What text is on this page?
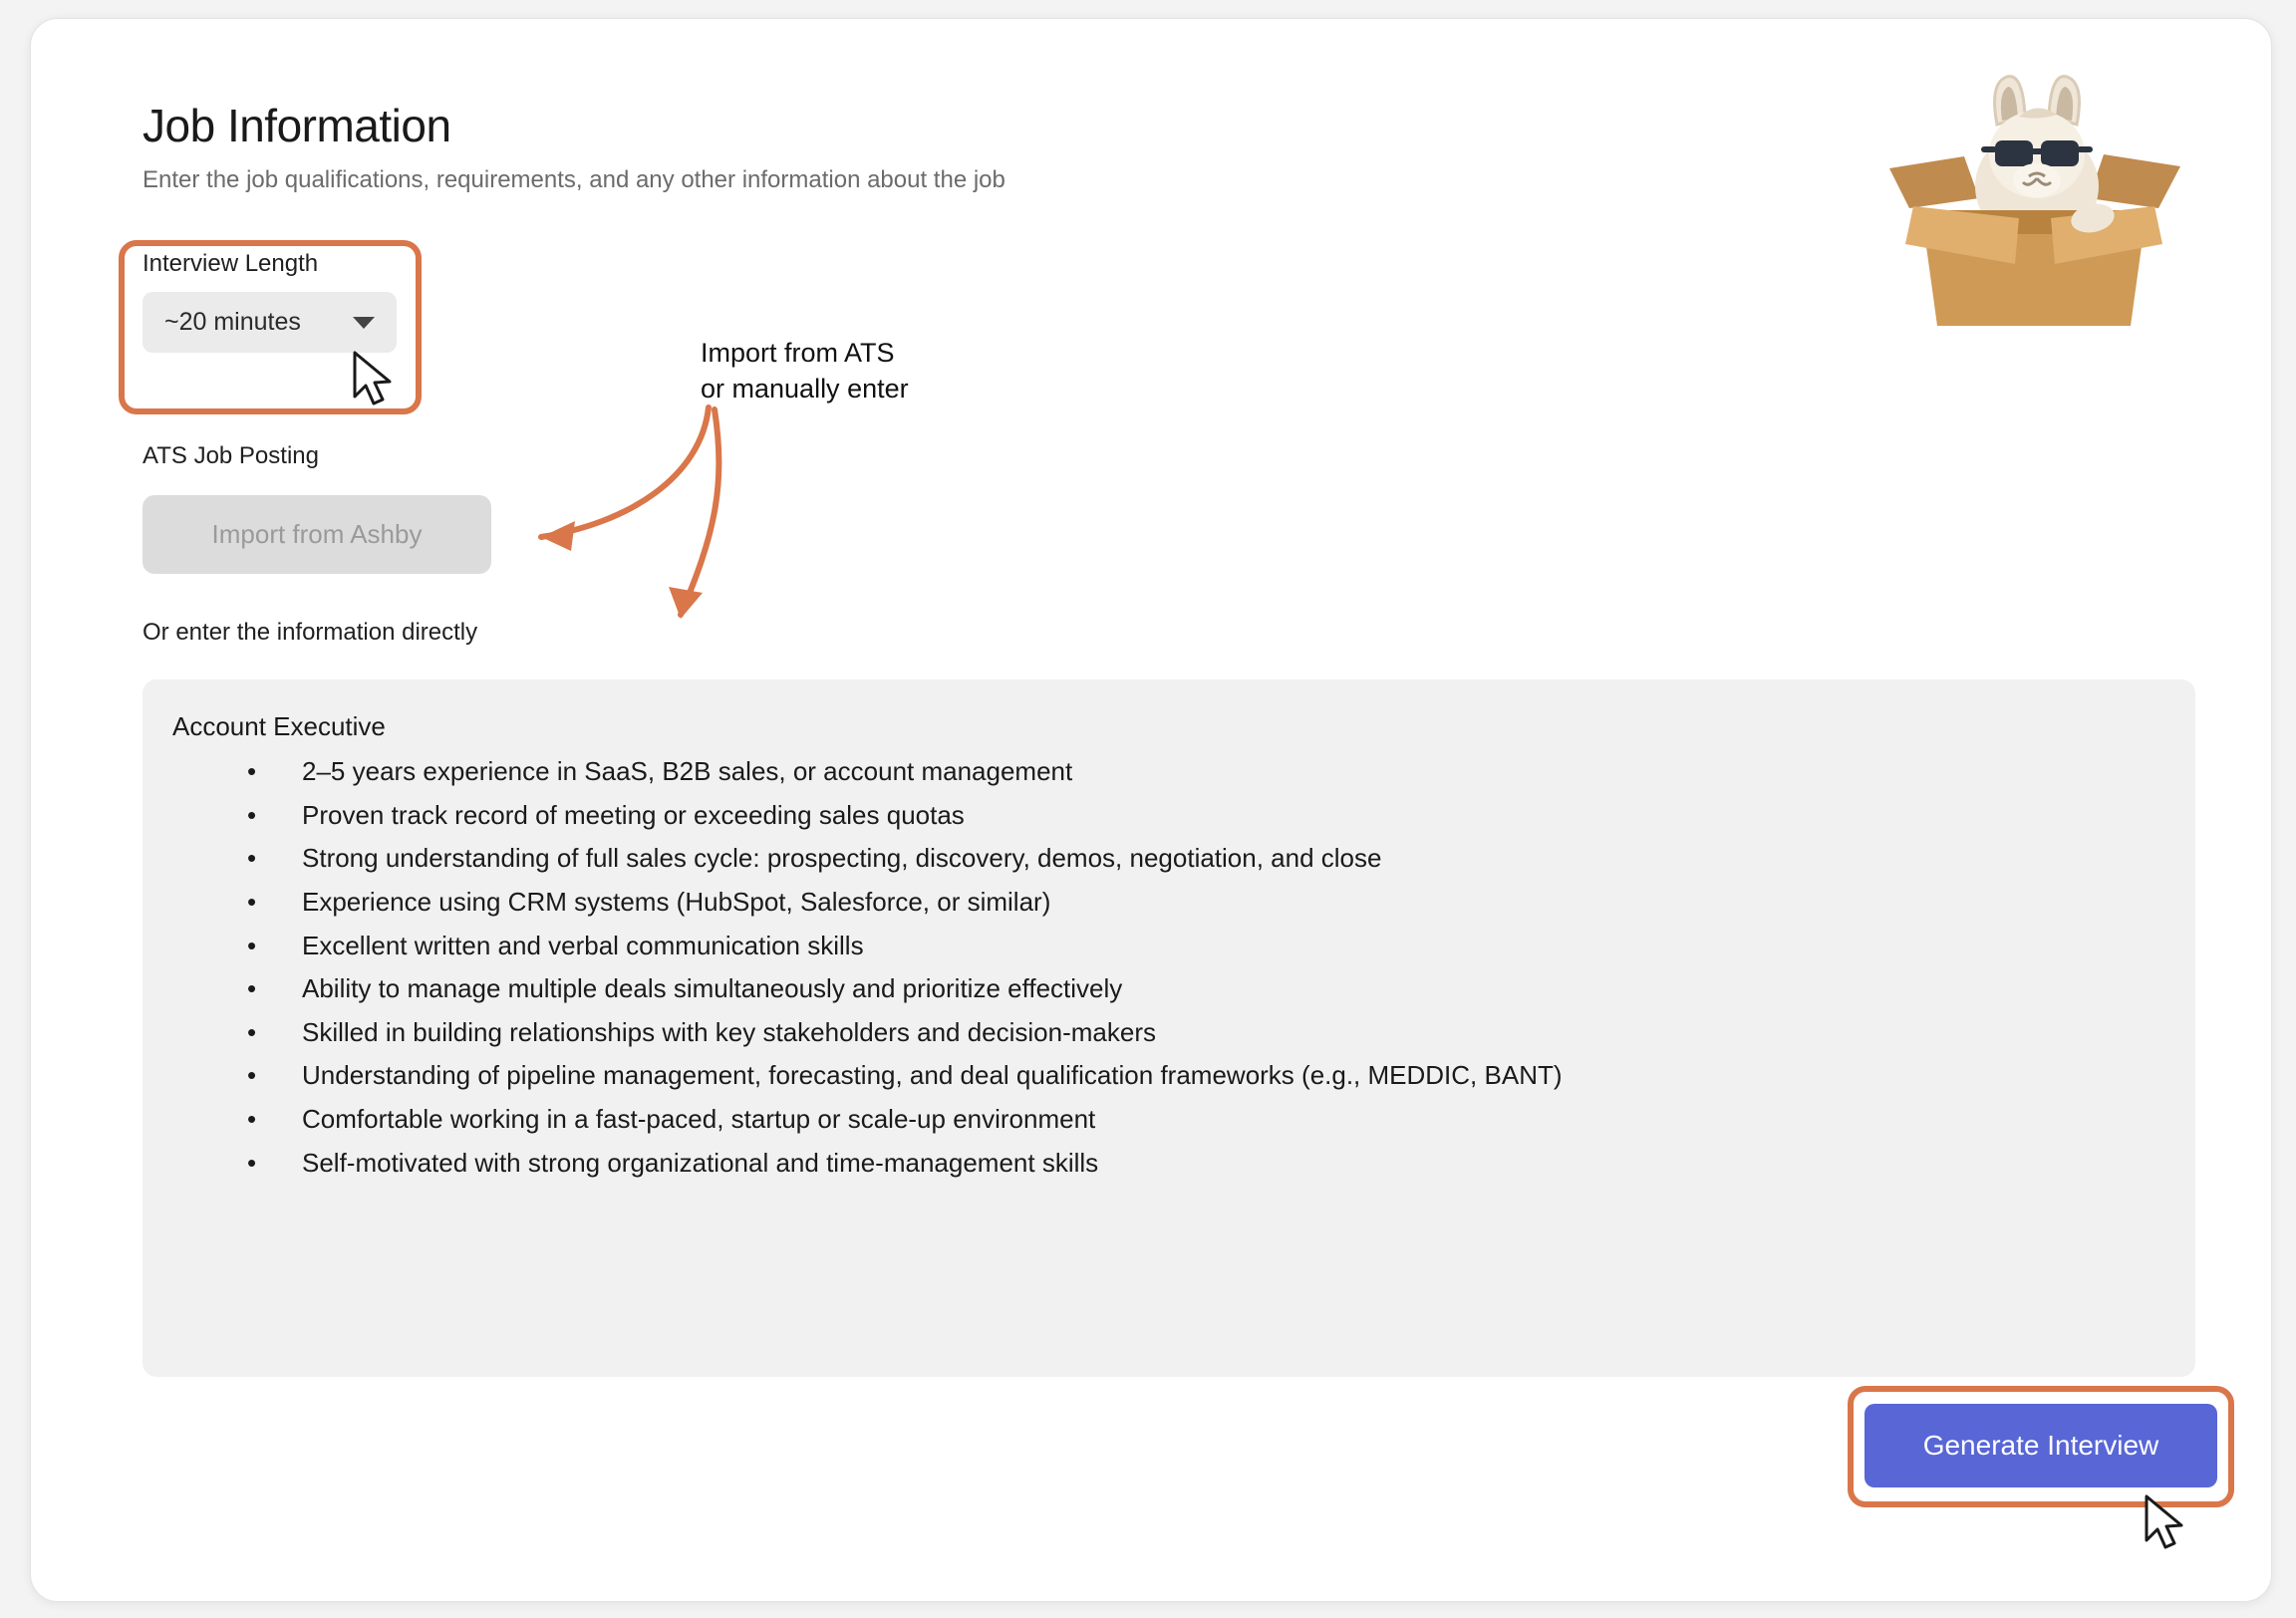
Job Information

Enter the job qualifications, requirements, and any other information about the job

Interview Length
~20 minutes
ATS Job Posting
Import from Ashby
Or enter the information directly
Import from ATS
or manually enter
Account Executive
• 2–5 years experience in SaaS, B2B sales, or account management
• Proven track record of meeting or exceeding sales quotas
• Strong understanding of full sales cycle: prospecting, discovery, demos, negotiation, and close
• Experience using CRM systems (HubSpot, Salesforce, or similar)
• Excellent written and verbal communication skills
• Ability to manage multiple deals simultaneously and prioritize effectively
• Skilled in building relationships with key stakeholders and decision-makers
• Understanding of pipeline management, forecasting, and deal qualification frameworks (e.g., MEDDIC, BANT)
• Comfortable working in a fast-paced, startup or scale-up environment
• Self-motivated with strong organizational and time-management skills
Generate Interview
